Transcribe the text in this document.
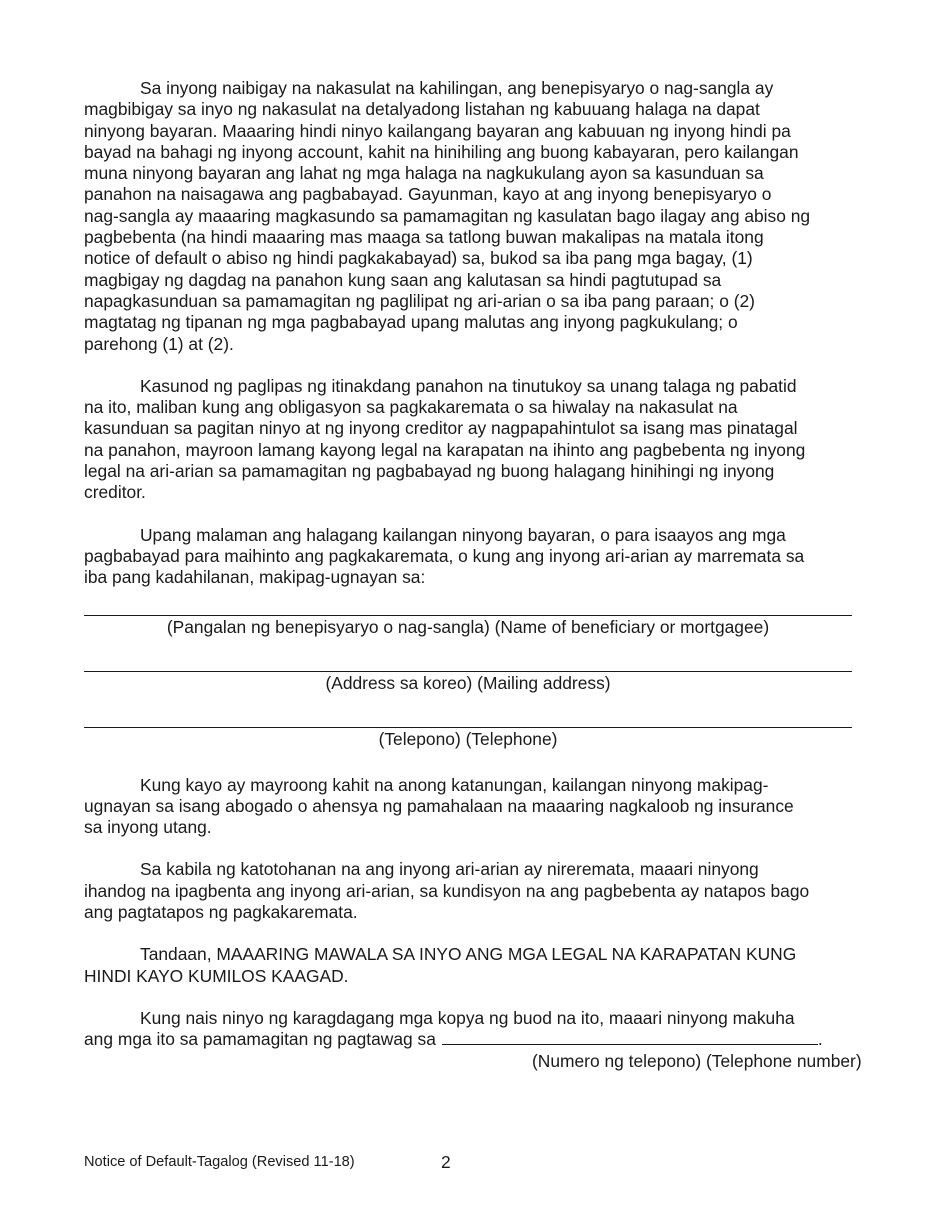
Sa inyong naibigay na nakasulat na kahilingan, ang benepisyaryo o nag-sangla ay
magbibigay sa inyo ng nakasulat na detalyadong listahan ng kabuuang halaga na dapat
ninyong bayaran. Maaaring hindi ninyo kailangang bayaran ang kabuuan ng inyong hindi pa
bayad na bahagi ng inyong account, kahit na hinihiling ang buong kabayaran, pero kailangan
muna ninyong bayaran ang lahat ng mga halaga na nagkukulang ayon sa kasunduan sa
panahon na naisagawa ang pagbabayad. Gayunman, kayo at ang inyong benepisyaryo o
nag-sangla ay maaaring magkasundo sa pamamagitan ng kasulatan bago ilagay ang abiso ng
pagbebenta (na hindi maaaring mas maaga sa tatlong buwan makalipas na matala itong
notice of default o abiso ng hindi pagkakabayad) sa, bukod sa iba pang mga bagay, (1)
magbigay ng dagdag na panahon kung saan ang kalutasan sa hindi pagtutupad sa
napagkasunduan sa pamamagitan ng paglilipat ng ari-arian o sa iba pang paraan; o (2)
magtatag ng tipanan ng mga pagbabayad upang malutas ang inyong pagkukulang; o
parehong (1) at (2).

Kasunod ng paglipas ng itinakdang panahon na tinutukoy sa unang talaga ng pabatid
na ito, maliban kung ang obligasyon sa pagkakaremata o sa hiwalay na nakasulat na
kasunduan sa pagitan ninyo at ng inyong creditor ay nagpapahintulot sa isang mas pinatagal
na panahon, mayroon lamang kayong legal na karapatan na ihinto ang pagbebenta ng inyong
legal na ari-arian sa pamamagitan ng pagbabayad ng buong halagang hinihingi ng inyong
creditor.

Upang malaman ang halagang kailangan ninyong bayaran, o para isaayos ang mga
pagbabayad para maihinto ang pagkakaremata, o kung ang inyong ari-arian ay marremata sa
iba pang kadahilanan, makipag-ugnayan sa:

(Pangalan ng benepisyaryo o nag-sangla) (Name of beneficiary or mortgagee)
(Address sa koreo) (Mailing address)
(Telepono) (Telephone)

Kung kayo ay mayroong kahit na anong katanungan, kailangan ninyong makipag-
ugnayan sa isang abogado o ahensya ng pamahalaan na maaaring nagkaloob ng insurance
sa inyong utang.

Sa kabila ng katotohanan na ang inyong ari-arian ay nireremata, maaari ninyong
ihandog na ipagbenta ang inyong ari-arian, sa kundisyon na ang pagbebenta ay natapos bago
ang pagtatapos ng pagkakaremata.

Tandaan, MAAARING MAWALA SA INYO ANG MGA LEGAL NA KARAPATAN KUNG
HINDI KAYO KUMILOS KAAGAD.

Kung nais ninyo ng karagdagang mga kopya ng buod na ito, maaari ninyong makuha
ang mga ito sa pamamagitan ng pagtawag sa	.
(Numero ng telepono) (Telephone number)

Notice of Default-Tagalog (Revised 11-18)	2
